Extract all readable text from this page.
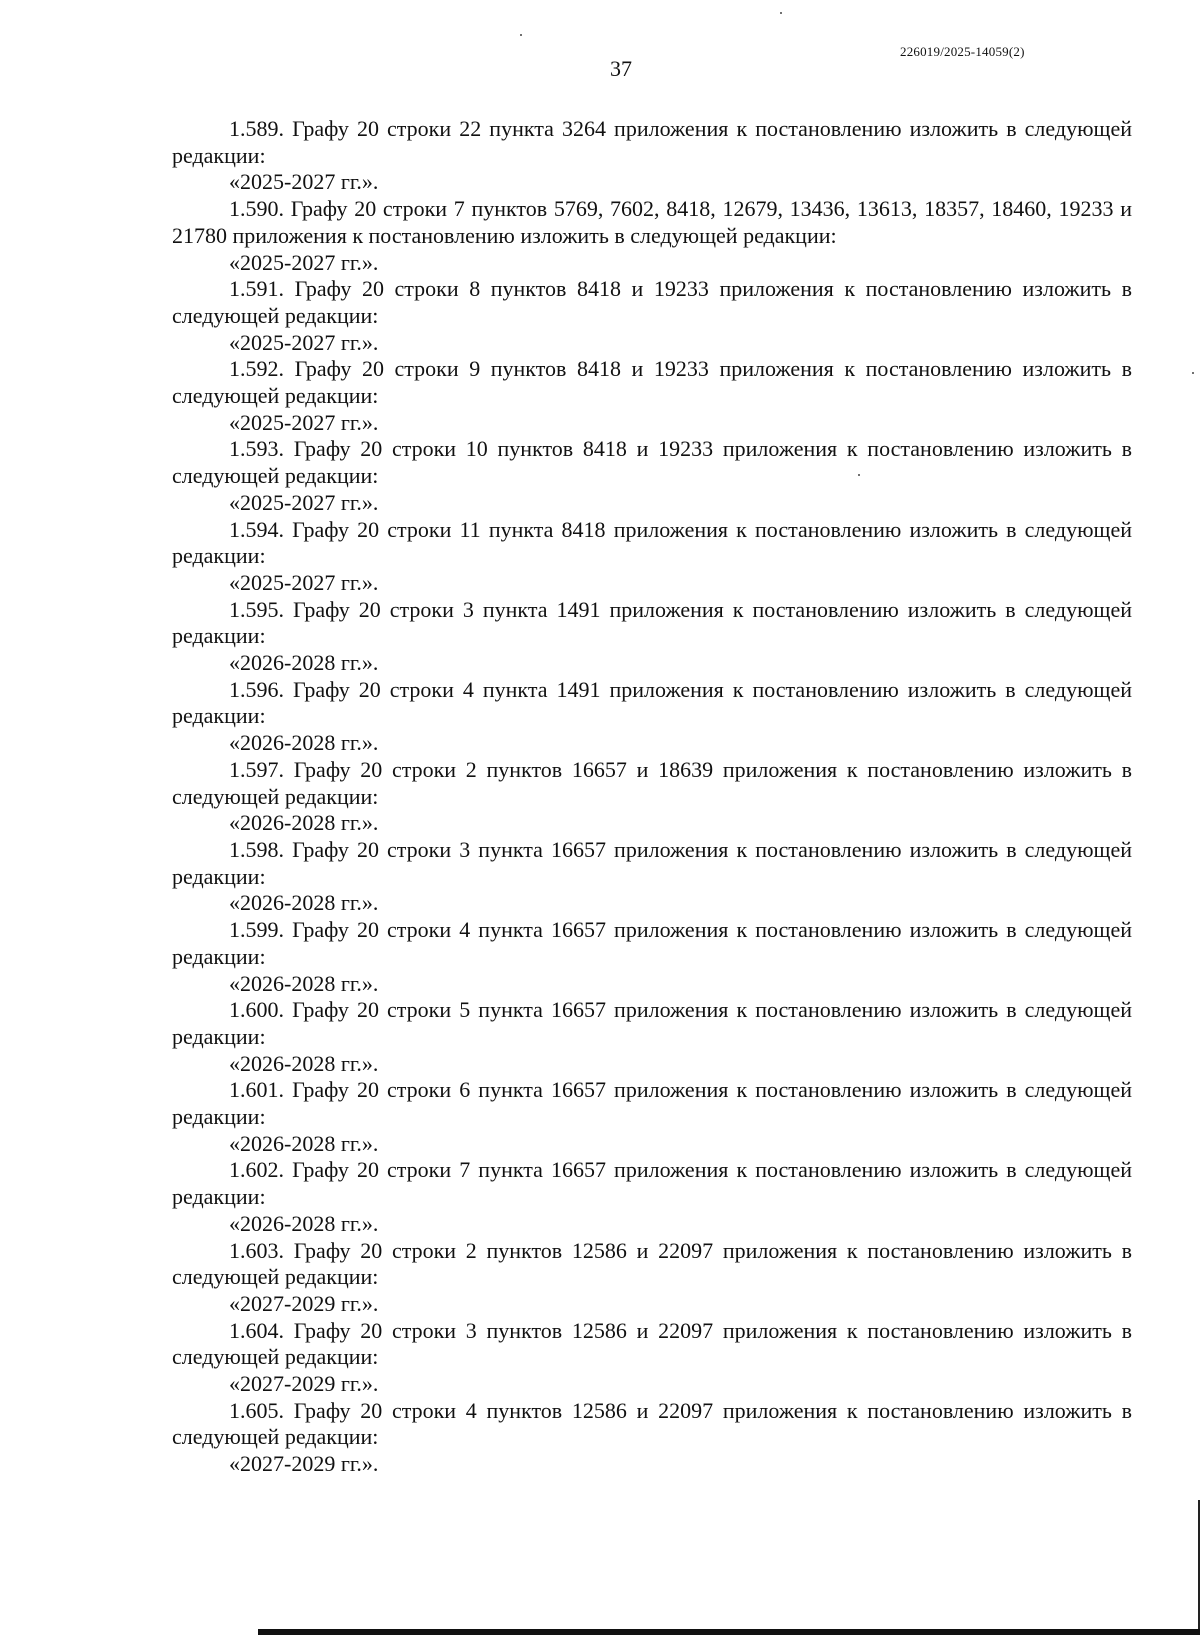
37
226019/2025-14059(2)

1.589. Графу 20 строки 22 пункта 3264 приложения к постановлению изложить в следующей редакции:

«2025-2027 гг.».

1.590. Графу 20 строки 7 пунктов 5769, 7602, 8418, 12679, 13436, 13613, 18357, 18460, 19233 и 21780 приложения к постановлению изложить в следующей редакции:

«2025-2027 гг.».

1.591. Графу 20 строки 8 пунктов 8418 и 19233 приложения к постановлению изложить в следующей редакции:

«2025-2027 гг.».

1.592. Графу 20 строки 9 пунктов 8418 и 19233 приложения к постановлению изложить в следующей редакции:

«2025-2027 гг.».

1.593. Графу 20 строки 10 пунктов 8418 и 19233 приложения к постановлению изложить в следующей редакции:

«2025-2027 гг.».

1.594. Графу 20 строки 11 пункта 8418 приложения к постановлению изложить в следующей редакции:

«2025-2027 гг.».

1.595. Графу 20 строки 3 пункта 1491 приложения к постановлению изложить в следующей редакции:

«2026-2028 гг.».

1.596. Графу 20 строки 4 пункта 1491 приложения к постановлению изложить в следующей редакции:

«2026-2028 гг.».

1.597. Графу 20 строки 2 пунктов 16657 и 18639 приложения к постановлению изложить в следующей редакции:

«2026-2028 гг.».

1.598. Графу 20 строки 3 пункта 16657 приложения к постановлению изложить в следующей редакции:

«2026-2028 гг.».

1.599. Графу 20 строки 4 пункта 16657 приложения к постановлению изложить в следующей редакции:

«2026-2028 гг.».

1.600. Графу 20 строки 5 пункта 16657 приложения к постановлению изложить в следующей редакции:

«2026-2028 гг.».

1.601. Графу 20 строки 6 пункта 16657 приложения к постановлению изложить в следующей редакции:

«2026-2028 гг.».

1.602. Графу 20 строки 7 пункта 16657 приложения к постановлению изложить в следующей редакции:

«2026-2028 гг.».

1.603. Графу 20 строки 2 пунктов 12586 и 22097 приложения к постановлению изложить в следующей редакции:

«2027-2029 гг.».

1.604. Графу 20 строки 3 пунктов 12586 и 22097 приложения к постановлению изложить в следующей редакции:

«2027-2029 гг.».

1.605. Графу 20 строки 4 пунктов 12586 и 22097 приложения к постановлению изложить в следующей редакции:

«2027-2029 гг.».
